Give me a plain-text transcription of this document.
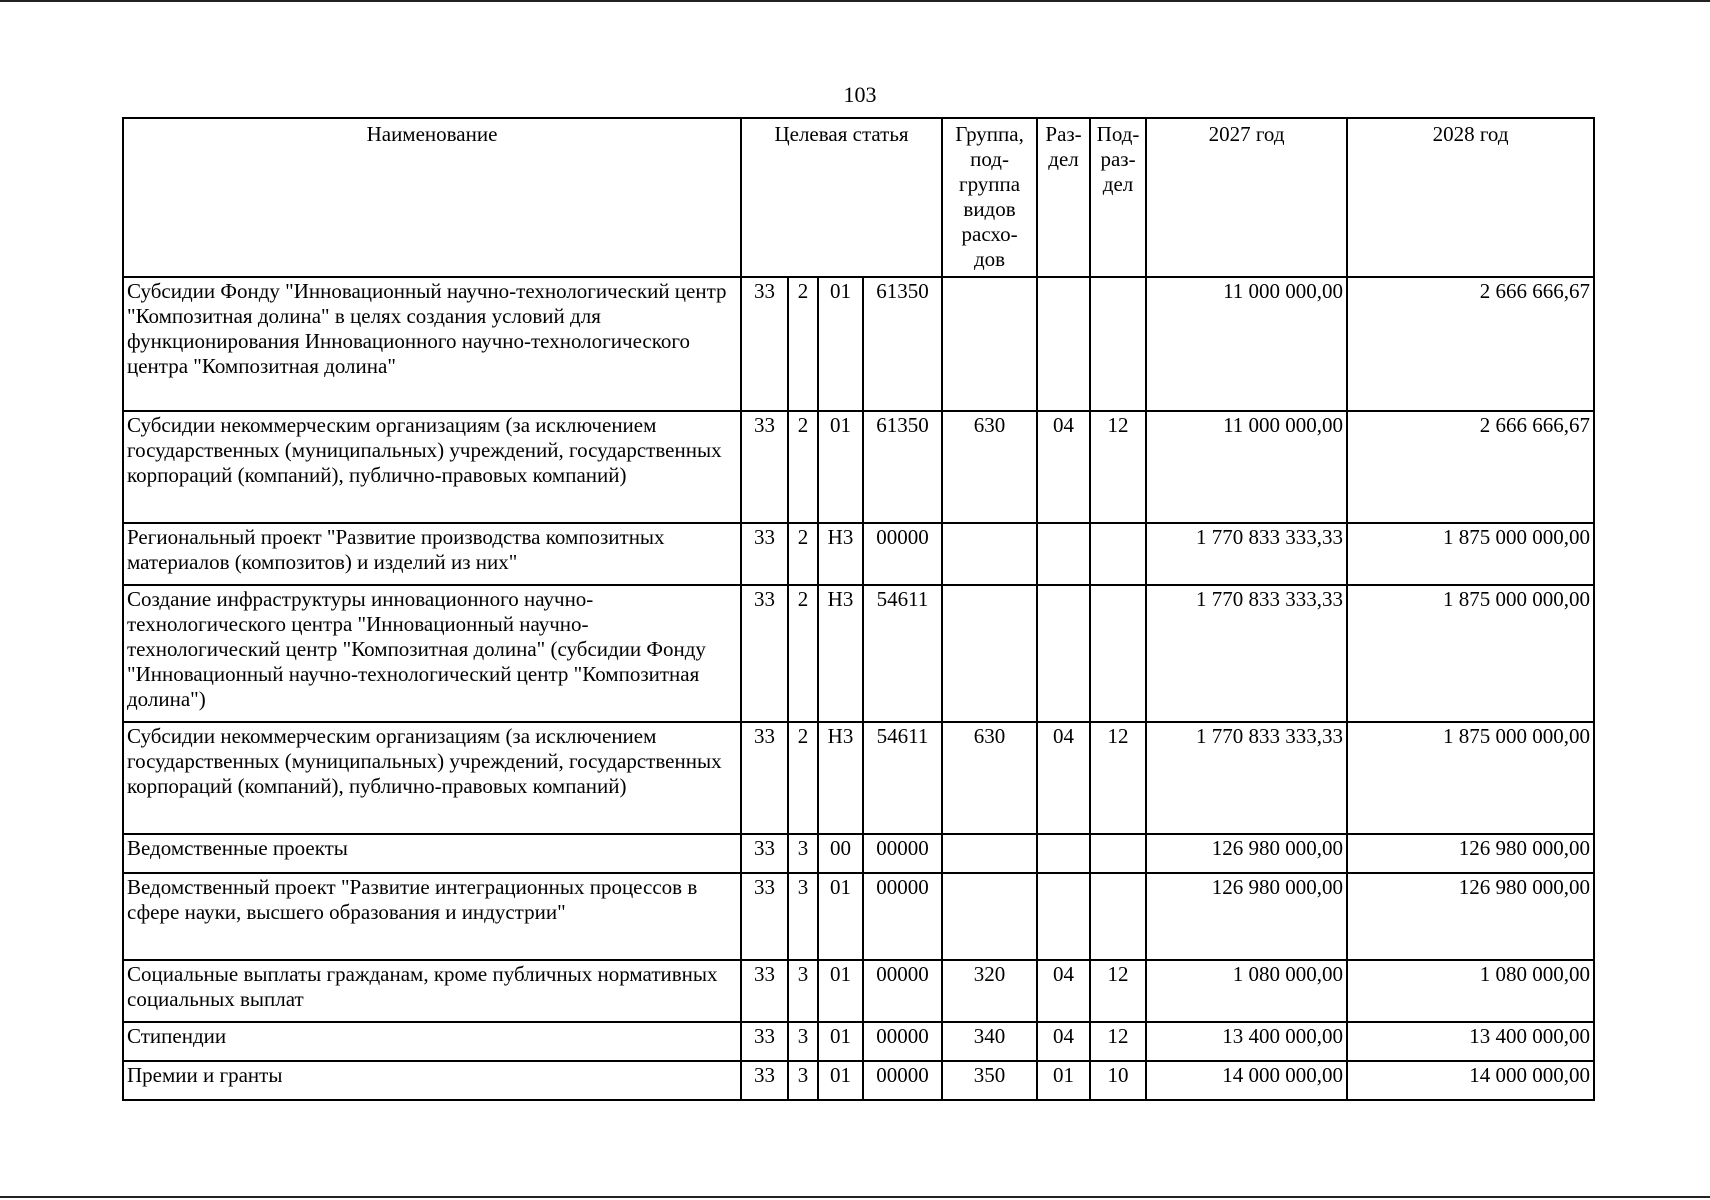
103
Наименование	Целевая статья				Группа, под- группа видов расхо- дов	Раз- дел	Под- раз- дел	2027 год	2028 год
Субсидии Фонду "Инновационный научно-технологический центр "Композитная долина" в целях создания условий для функционирования Инновационного научно-технологического центра "Композитная долина"	33	2	01	61350				11 000 000,00	2 666 666,67
Субсидии некоммерческим организациям (за исключением государственных (муниципальных) учреждений, государственных корпораций (компаний), публично-правовых компаний)	33	2	01	61350	630	04	12	11 000 000,00	2 666 666,67
Региональный проект "Развитие производства композитных материалов (композитов) и изделий из них"	33	2	Н3	00000				1 770 833 333,33	1 875 000 000,00
Создание инфраструктуры инновационного научно-технологического центра "Инновационный научно-технологический центр "Композитная долина" (субсидии Фонду "Инновационный научно-технологический центр "Композитная долина")	33	2	Н3	54611				1 770 833 333,33	1 875 000 000,00
Субсидии некоммерческим организациям (за исключением государственных (муниципальных) учреждений, государственных корпораций (компаний), публично-правовых компаний)	33	2	Н3	54611	630	04	12	1 770 833 333,33	1 875 000 000,00
Ведомственные проекты	33	3	00	00000				126 980 000,00	126 980 000,00
Ведомственный проект "Развитие интеграционных процессов в сфере науки, высшего образования и индустрии"	33	3	01	00000				126 980 000,00	126 980 000,00
Социальные выплаты гражданам, кроме публичных нормативных социальных выплат	33	3	01	00000	320	04	12	1 080 000,00	1 080 000,00
Стипендии	33	3	01	00000	340	04	12	13 400 000,00	13 400 000,00
Премии и гранты	33	3	01	00000	350	01	10	14 000 000,00	14 000 000,00
